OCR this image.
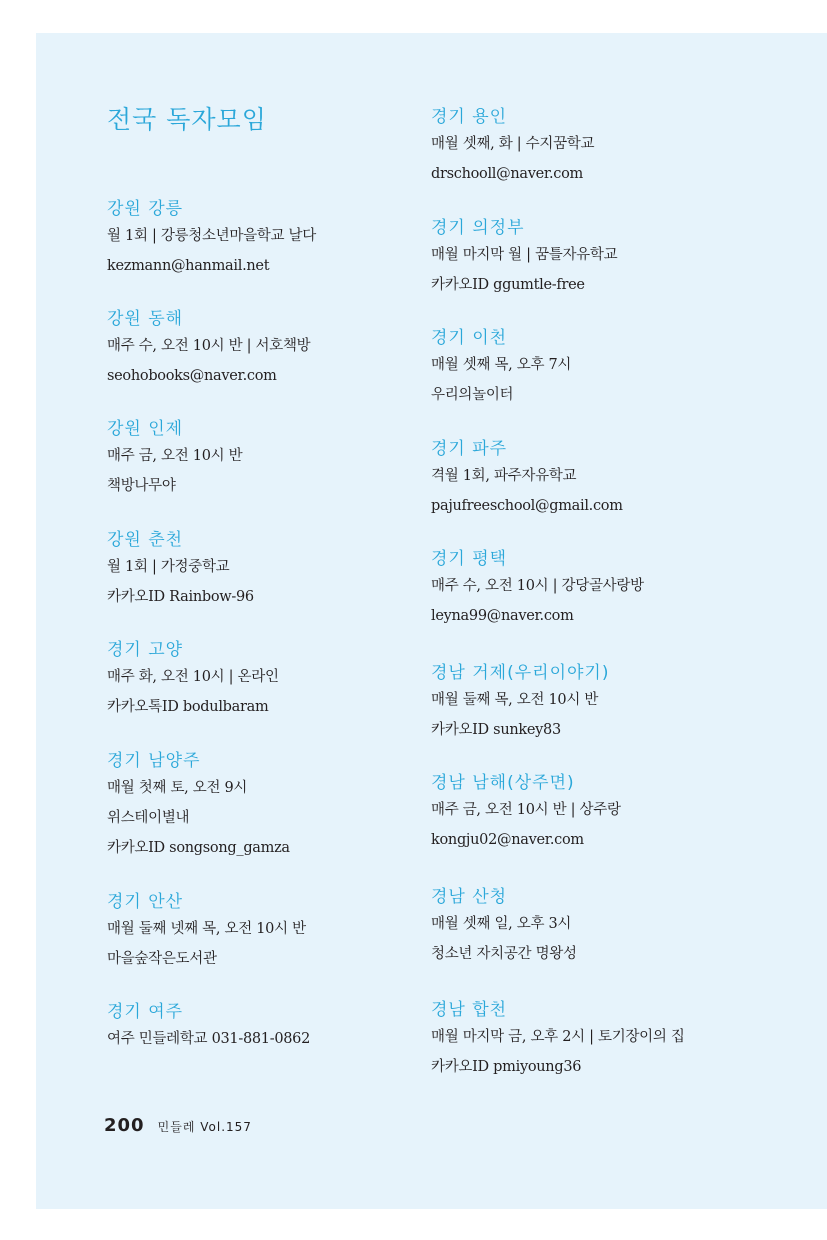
전국 독자모임
강원 강릉
월 1회 | 강릉청소년마을학교 날다
kezmann@hanmail.net
강원 동해
매주 수, 오전 10시 반 | 서호책방
seohobooks@naver.com
강원 인제
매주 금, 오전 10시 반
책방나무야
강원 춘천
월 1회 | 가정중학교
카카오ID Rainbow-96
경기 고양
매주 화, 오전 10시 | 온라인
카카오톡ID bodulbaram
경기 남양주
매월 첫째 토, 오전 9시
위스테이별내
카카오ID songsong_gamza
경기 안산
매월 둘째 넷째 목, 오전 10시 반
마을숲작은도서관
경기 여주
여주 민들레학교 031-881-0862
경기 용인
매월 셋째, 화 | 수지꿈학교
drschooll@naver.com
경기 의정부
매월 마지막 월 | 꿈틀자유학교
카카오ID ggumtle-free
경기 이천
매월 셋째 목, 오후 7시
우리의놀이터
경기 파주
격월 1회, 파주자유학교
pajufreeschool@gmail.com
경기 평택
매주 수, 오전 10시 | 강당골사랑방
leyna99@naver.com
경남 거제(우리이야기)
매월 둘째 목, 오전 10시 반
카카오ID sunkey83
경남 남해(상주면)
매주 금, 오전 10시 반 | 상주랑
kongju02@naver.com
경남 산청
매월 셋째 일, 오후 3시
청소년 자치공간 명왕성
경남 합천
매월 마지막 금, 오후 2시 | 토기장이의 집
카카오ID pmiyoung36
200 민들레 Vol.157
